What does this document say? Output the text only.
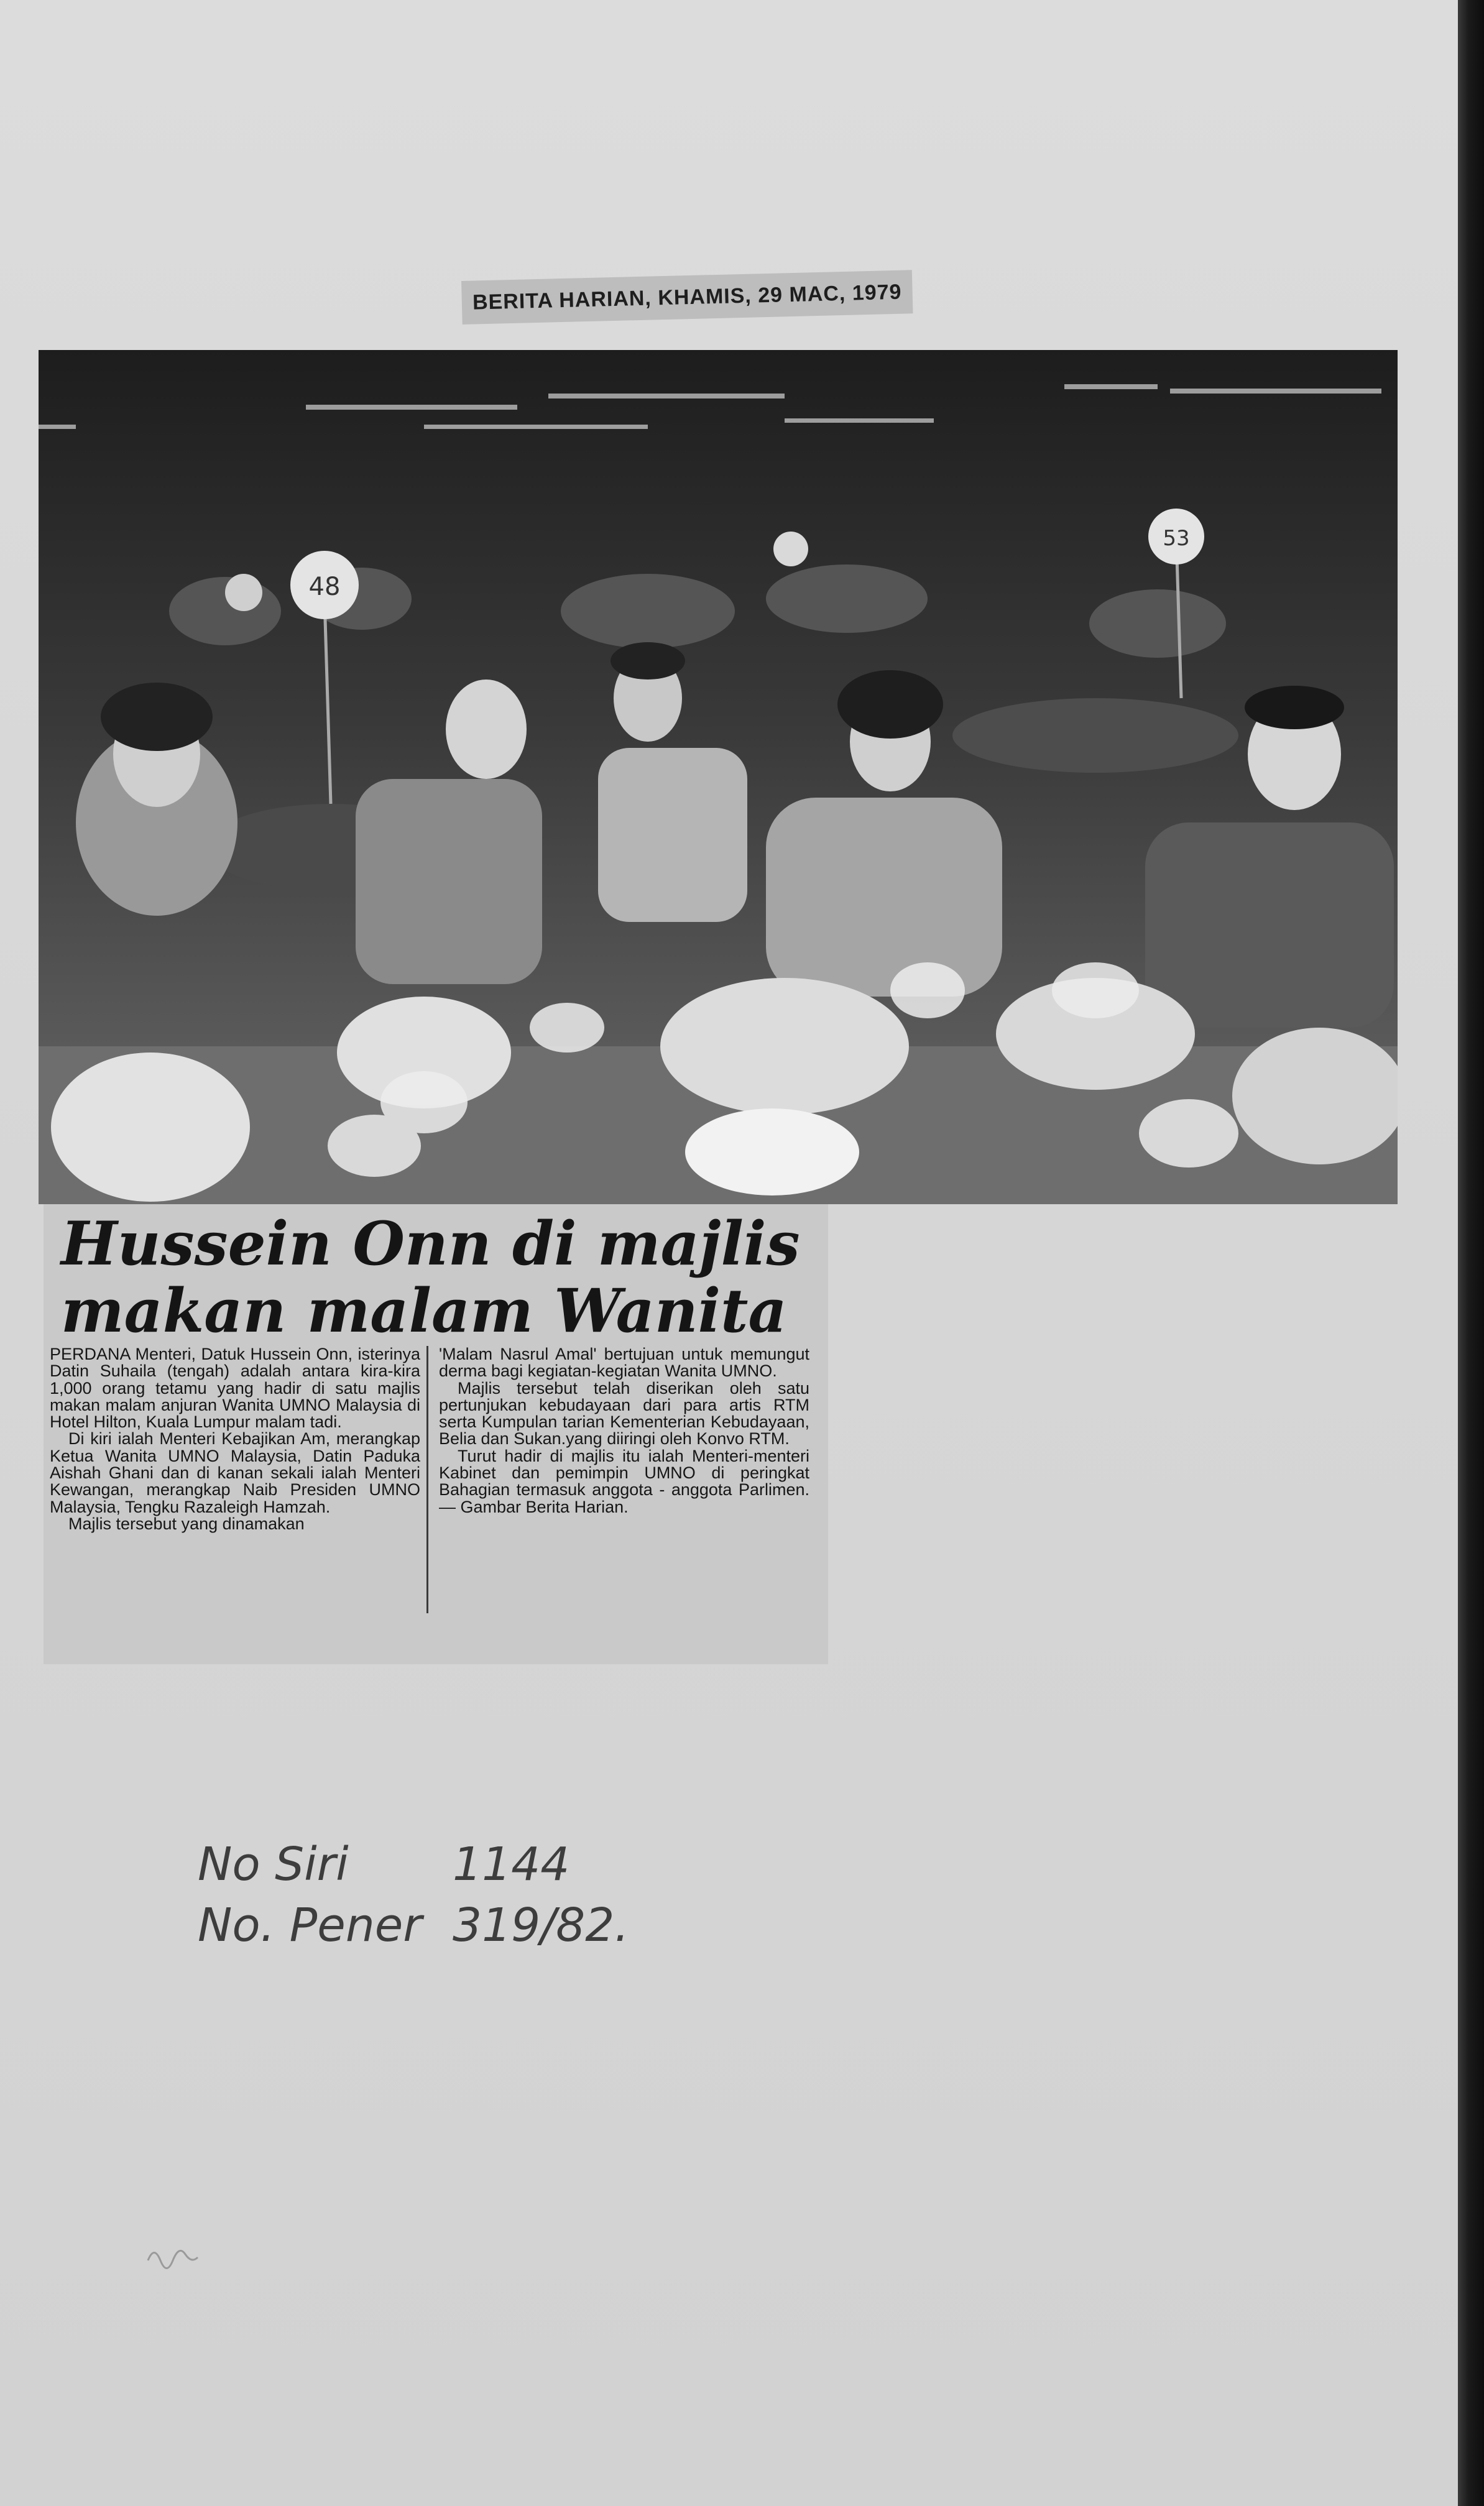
BERITA HARIAN, KHAMIS, 29 MAC, 1979
48
53
Hussein Onn di majlis
makan malam Wanita

PERDANA Menteri, Datuk Hussein Onn, isterinya Datin Suhaila (tengah) adalah antara kira-kira 1,000 orang tetamu yang hadir di satu majlis makan malam anjuran Wanita UMNO Malaysia di Hotel Hilton, Kuala Lumpur malam tadi.

Di kiri ialah Menteri Kebajikan Am, merangkap Ketua Wanita UMNO Malaysia, Datin Paduka Aishah Ghani dan di kanan sekali ialah Menteri Kewangan, merangkap Naib Presiden UMNO Malaysia, Tengku Razaleigh Hamzah.

Majlis tersebut yang dinamakan

'Malam Nasrul Amal' bertujuan untuk memungut derma bagi kegiatan-kegiatan Wanita UMNO.

Majlis tersebut telah diserikan oleh satu pertunjukan kebudayaan dari para artis RTM serta Kumpulan tarian Kementerian Kebudayaan, Belia dan Sukan.yang diiringi oleh Konvo RTM.

Turut hadir di majlis itu ialah Menteri-menteri Kabinet dan pemimpin UMNO di peringkat Bahagian termasuk anggota - anggota Parlimen. — Gambar Berita Harian.

No Siri	1144
No. Pener 319/82.
